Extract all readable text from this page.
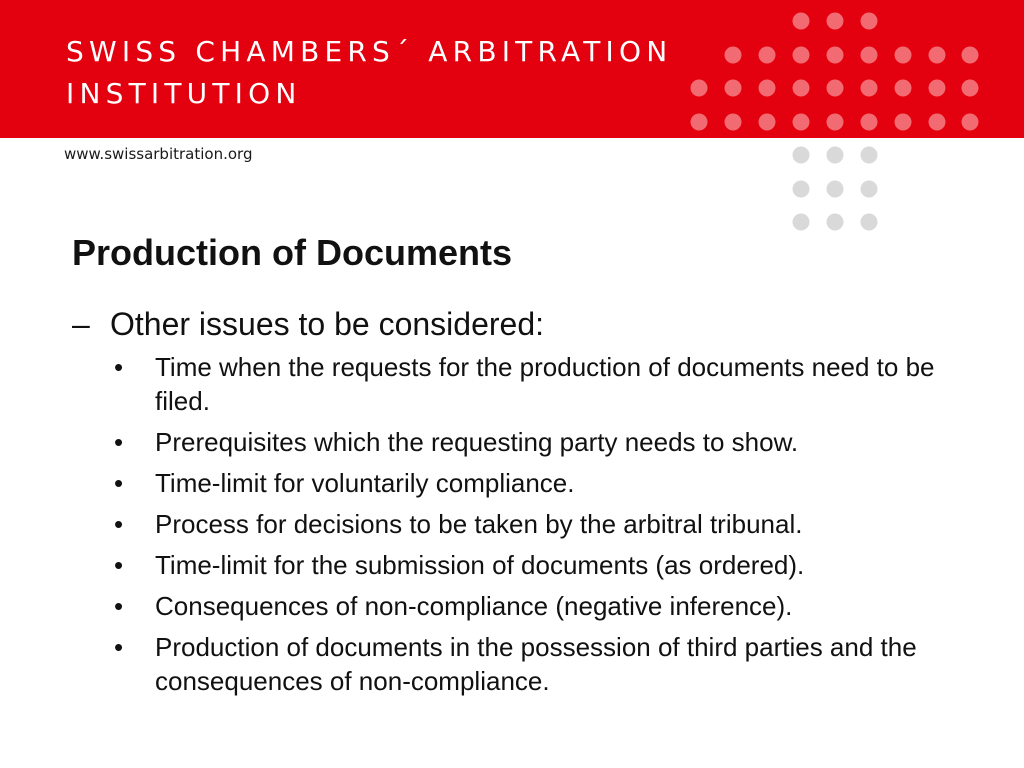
SWISS CHAMBERS´ ARBITRATION
INSTITUTION
www.swissarbitration.org
Production of Documents
– Other issues to be considered:
• Time when the requests for the production of documents need to be filed.
• Prerequisites which the requesting party needs to show.
• Time-limit for voluntarily compliance.
• Process for decisions to be taken by the arbitral tribunal.
• Time-limit for the submission of documents (as ordered).
• Consequences of non-compliance (negative inference).
• Production of documents in the possession of third parties and the consequences of non-compliance.
